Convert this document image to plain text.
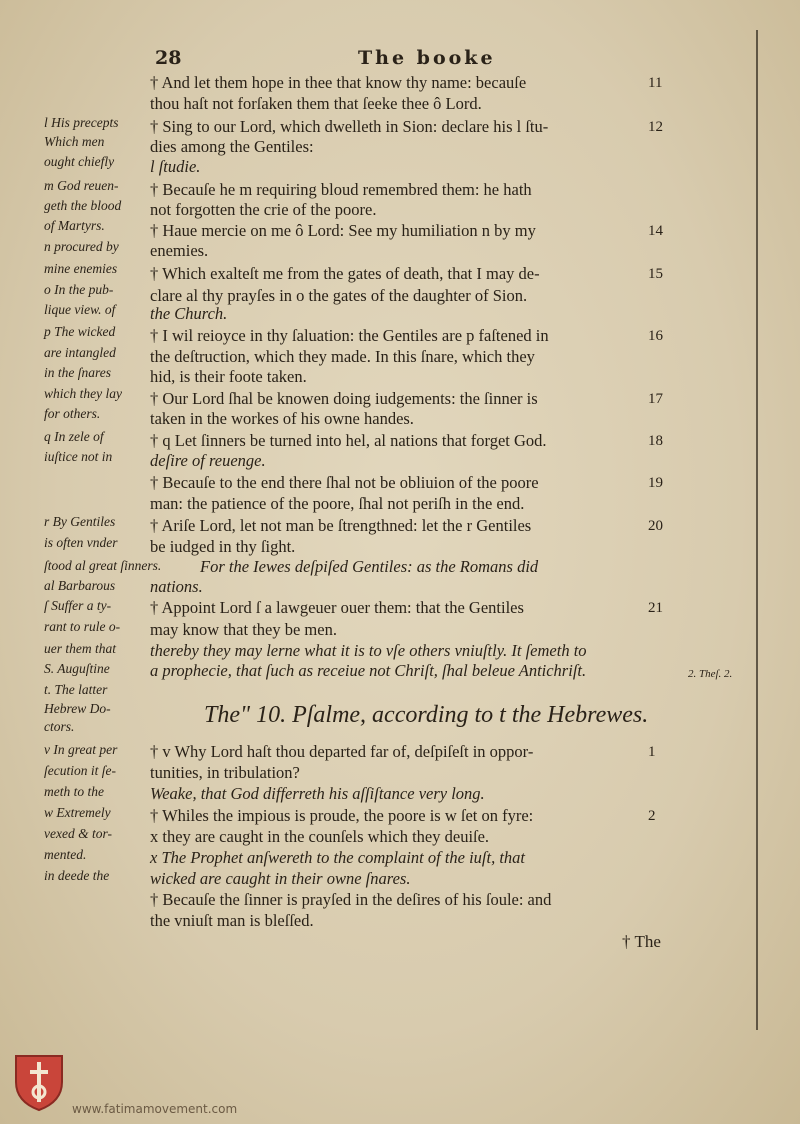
28	The booke
† And let them hope in thee that know thy name: becauſe
thou haſt not forſaken them that ſeeke thee ô Lord.
† Sing to our Lord, which dwelleth in Sion: declare his l ſtu-
dies among the Gentiles:
l ſtudie.
† Becauſe he m requiring bloud remembred them: he hath
not forgotten the crie of the poore.
† Haue mercie on me ô Lord: See my humiliation n by my
enemies.
† Which exalteſt me from the gates of death, that I may de-
clare al thy prayſes in o the gates of the daughter of Sion.
the Church.
† I wil reioyce in thy ſaluation: the Gentiles are p faſtened in
the deſtruction, which they made. In this ſnare, which they
hid, is their foote taken.
† Our Lord ſhal be knowen doing iudgements: the ſinner is
taken in the workes of his owne handes.
† q Let ſinners be turned into hel, al nations that forget God.
deſire of reuenge.
† Becauſe to the end there ſhal not be obliuion of the poore
man: the patience of the poore, ſhal not periſh in the end.
† Ariſe Lord, let not man be ſtrengthned: let the r Gentiles
be iudged in thy ſight.
For the Iewes deſpiſed Gentiles: as the Romans did
nations.
† Appoint Lord ſ a lawgeuer ouer them: that the Gentiles
may know that they be men.
thereby they may lerne what it is to vſe others vniuſtly. It ſemeth to
a prophecie, that ſuch as receiue not Chriſt, ſhal beleue Antichriſt.
The" 10. Pſalme, according to t the Hebrewes.
† v Why Lord haſt thou departed far of, deſpiſeſt in oppor-
tunities, in tribulation?
Weake, that God differreth his aſſiſtance very long.
† Whiles the impious is proude, the poore is w ſet on fyre:
x they are caught in the counſels which they deuiſe.
x The Prophet anſwereth to the complaint of the iuſt, that
wicked are caught in their owne ſnares.
† Becauſe the ſinner is prayſed in the deſires of his ſoule: and
the vniuſt man is bleſſed.
l His precepts
Which men
ought chiefly
m God reuen-
geth the blood
of Martyrs.
n procured by
mine enemies
o In the pub-
lique view. of
p The wicked
are intangled
in the ſnares
which they lay
for others.
q In zele of
iuſtice not in
r By Gentiles
is often vnder
ſtood al great ſinners.
al Barbarous
ſ Suffer a ty-
rant to rule o-
uer them that
S. Auguſtine
t. The latter
Hebrew Do-
ctors.
v In great per
ſecution it ſe-
meth to the
w Extremely
vexed & tor-
mented.
in deede the
11
12
14
15
16
17
18
19
20
21
1
2
2. Theſ. 2.
† The
www.fatimamovement.com
